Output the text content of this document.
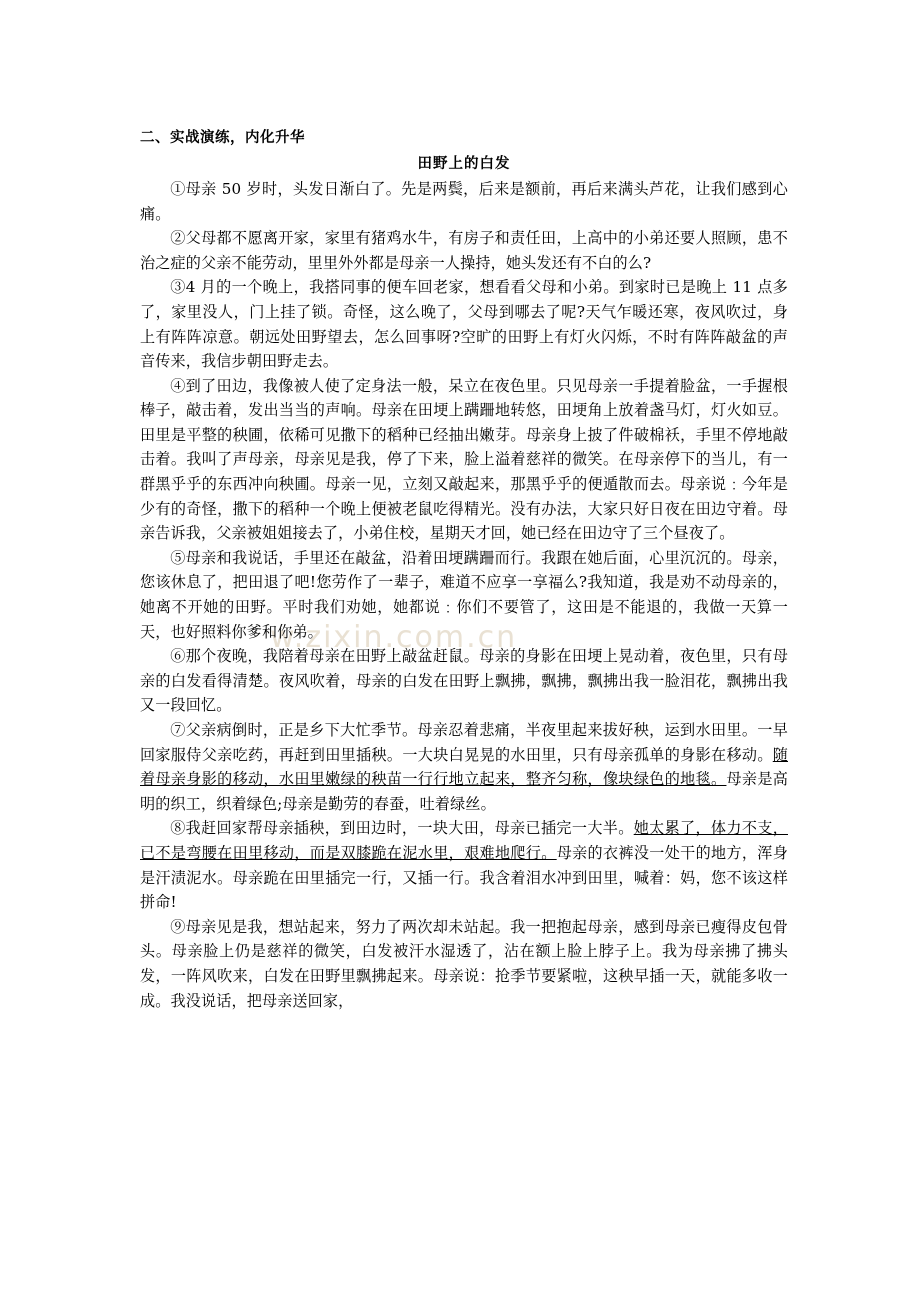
w.zixin.com.cn
二、实战演练，内化升华
田野上的白发

①母亲 50 岁时，头发日渐白了。先是两鬓，后来是额前，再后来满头芦花，让我们感到心痛。

②父母都不愿离开家，家里有猪鸡水牛，有房子和责任田，上高中的小弟还要人照顾，患不治之症的父亲不能劳动，里里外外都是母亲一人操持，她头发还有不白的么?

③4 月的一个晚上，我搭同事的便车回老家，想看看父母和小弟。到家时已是晚上 11 点多了，家里没人，门上挂了锁。奇怪，这么晚了，父母到哪去了呢?天气乍暖还寒，夜风吹过，身上有阵阵凉意。朝远处田野望去，怎么回事呀?空旷的田野上有灯火闪烁，不时有阵阵敲盆的声音传来，我信步朝田野走去。

④到了田边，我像被人使了定身法一般，呆立在夜色里。只见母亲一手提着脸盆，一手握根棒子，敲击着，发出当当的声响。母亲在田埂上蹒跚地转悠，田埂角上放着盏马灯，灯火如豆。田里是平整的秧圃，依稀可见撒下的稻种已经抽出嫩芽。母亲身上披了件破棉袄，手里不停地敲击着。我叫了声母亲，母亲见是我，停了下来，脸上溢着慈祥的微笑。在母亲停下的当儿，有一群黑乎乎的东西冲向秧圃。母亲一见，立刻又敲起来，那黑乎乎的便遁散而去。母亲说﹕今年是少有的奇怪，撒下的稻种一个晚上便被老鼠吃得精光。没有办法，大家只好日夜在田边守着。母亲告诉我，父亲被姐姐接去了，小弟住校，星期天才回，她已经在田边守了三个昼夜了。

⑤母亲和我说话，手里还在敲盆，沿着田埂蹒跚而行。我跟在她后面，心里沉沉的。母亲，您该休息了，把田退了吧!您劳作了一辈子，难道不应享一享福么?我知道，我是劝不动母亲的，她离不开她的田野。平时我们劝她，她都说﹕你们不要管了，这田是不能退的，我做一天算一天，也好照料你爹和你弟。

⑥那个夜晚，我陪着母亲在田野上敲盆赶鼠。母亲的身影在田埂上晃动着，夜色里，只有母亲的白发看得清楚。夜风吹着，母亲的白发在田野上飘拂，飘拂，飘拂出我一脸泪花，飘拂出我又一段回忆。

⑦父亲病倒时，正是乡下大忙季节。母亲忍着悲痛，半夜里起来拔好秧，运到水田里。一早回家服侍父亲吃药，再赶到田里插秧。一大块白晃晃的水田里，只有母亲孤单的身影在移动。随着母亲身影的移动，水田里嫩绿的秧苗一行行地立起来，整齐匀称，像块绿色的地毯。母亲是高明的织工，织着绿色;母亲是勤劳的春蚕，吐着绿丝。

⑧我赶回家帮母亲插秧，到田边时，一块大田，母亲已插完一大半。她太累了，体力不支，已不是弯腰在田里移动，而是双膝跪在泥水里，艰难地爬行。母亲的衣裤没一处干的地方，浑身是汗渍泥水。母亲跪在田里插完一行，又插一行。我含着泪水冲到田里，喊着：妈，您不该这样拼命!

⑨母亲见是我，想站起来，努力了两次却未站起。我一把抱起母亲，感到母亲已瘦得皮包骨头。母亲脸上仍是慈祥的微笑，白发被汗水湿透了，沾在额上脸上脖子上。我为母亲拂了拂头发，一阵风吹来，白发在田野里飘拂起来。母亲说：抢季节要紧啦，这秧早插一天，就能多收一成。我没说话，把母亲送回家，
